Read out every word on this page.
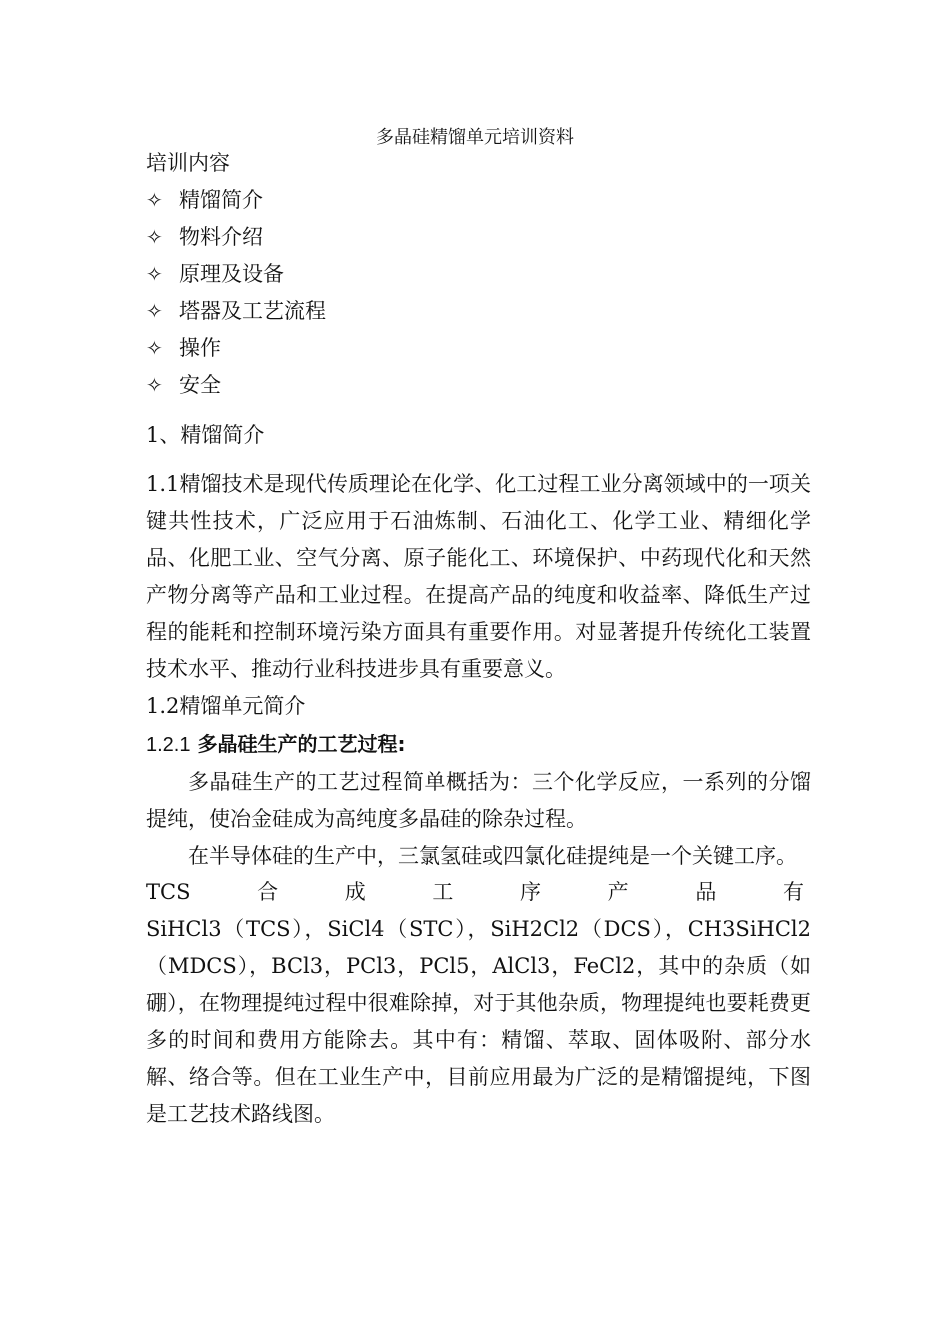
多晶硅精馏单元培训资料
培训内容
✧ 精馏简介
✧ 物料介绍
✧ 原理及设备
✧ 塔器及工艺流程
✧ 操作
✧ 安全
1、精馏简介

1.1精馏技术是现代传质理论在化学、化工过程工业分离领域中的一项关键共性技术，广泛应用于石油炼制、石油化工、化学工业、精细化学品、化肥工业、空气分离、原子能化工、环境保护、中药现代化和天然产物分离等产品和工业过程。在提高产品的纯度和收益率、降低生产过程的能耗和控制环境污染方面具有重要作用。对显著提升传统化工装置技术水平、推动行业科技进步具有重要意义。

1.2精馏单元简介

1.2.1 多晶硅生产的工艺过程:

多晶硅生产的工艺过程简单概括为：三个化学反应，一系列的分馏提纯，使冶金硅成为高纯度多晶硅的除杂过程。

在半导体硅的生产中，三氯氢硅或四氯化硅提纯是一个关键工序。

TCS	合	成	工	序	产	品	有

SiHCl3（TCS），SiCl4（STC），SiH2Cl2（DCS），CH3SiHCl2（MDCS），BCl3，PCl3，PCl5，AlCl3，FeCl2，其中的杂质（如硼），在物理提纯过程中很难除掉，对于其他杂质，物理提纯也要耗费更多的时间和费用方能除去。其中有：精馏、萃取、固体吸附、部分水解、络合等。但在工业生产中，目前应用最为广泛的是精馏提纯，下图是工艺技术路线图。
